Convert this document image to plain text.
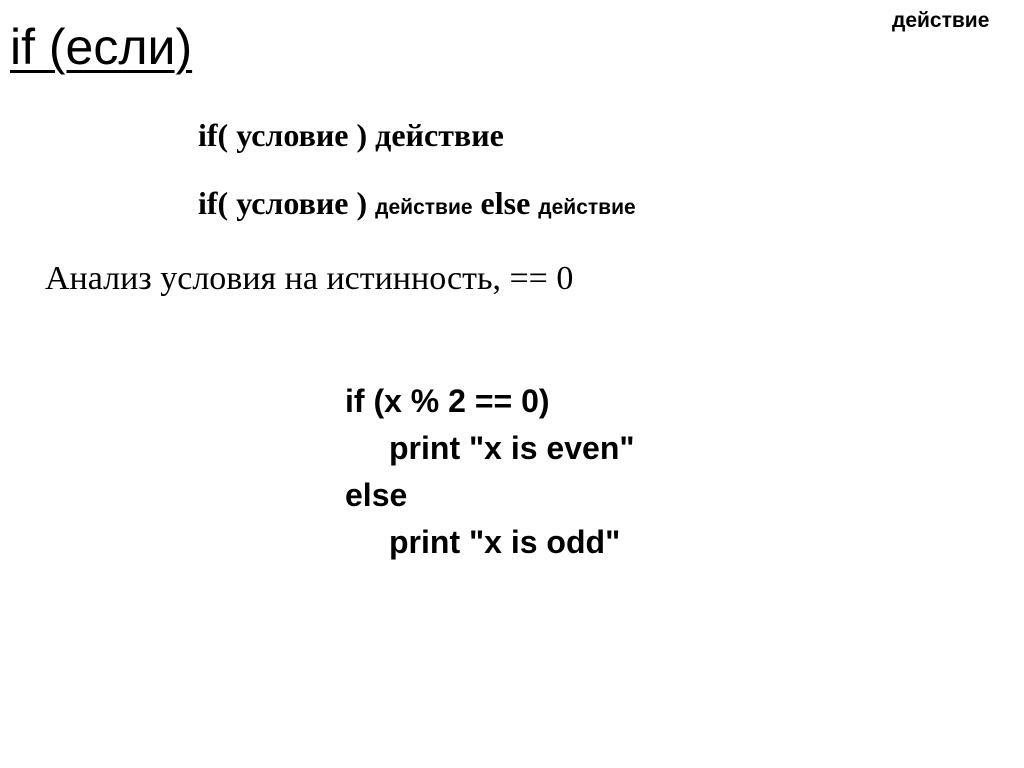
if (если)	действие
if( условие ) действие
if( условие ) действие else действие
Анализ условия на истинность, == 0
if (x % 2 == 0)
print "x is even"
else
print "x is odd"
